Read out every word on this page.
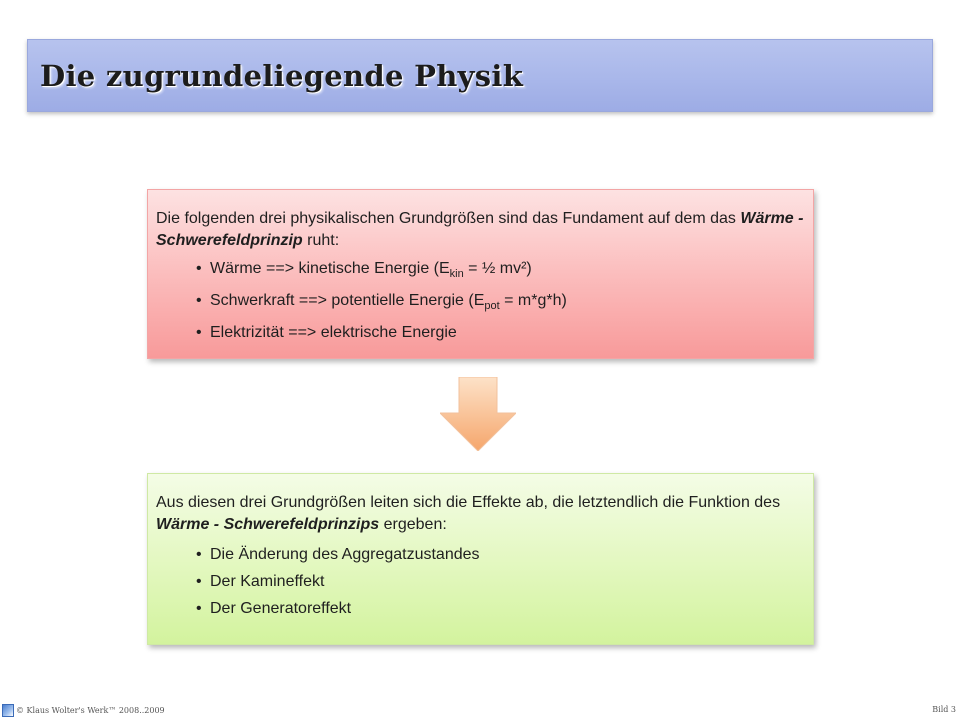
Die zugrundeliegende Physik

Die folgenden drei physikalischen Grundgrößen sind das Fundament auf dem das Wärme - Schwerefeldprinzip ruht:

• Wärme ==> kinetische Energie ($E_{kin}$ = ½ mv²)
• Schwerkraft ==> potentielle Energie $(E_{pot} = m*g*h)$
• Elektrizität ==> elektrische Energie

Aus diesen drei Grundgrößen leiten sich die Effekte ab, die letztendlich die Funktion des Wärme - Schwerefeldprinzips ergeben:

• Die Änderung des Aggregatzustandes
• Der Kamineffekt
• Der Generatoreffekt
© Klaus Wolter's Werk™ 2008..2009	Bild 3
